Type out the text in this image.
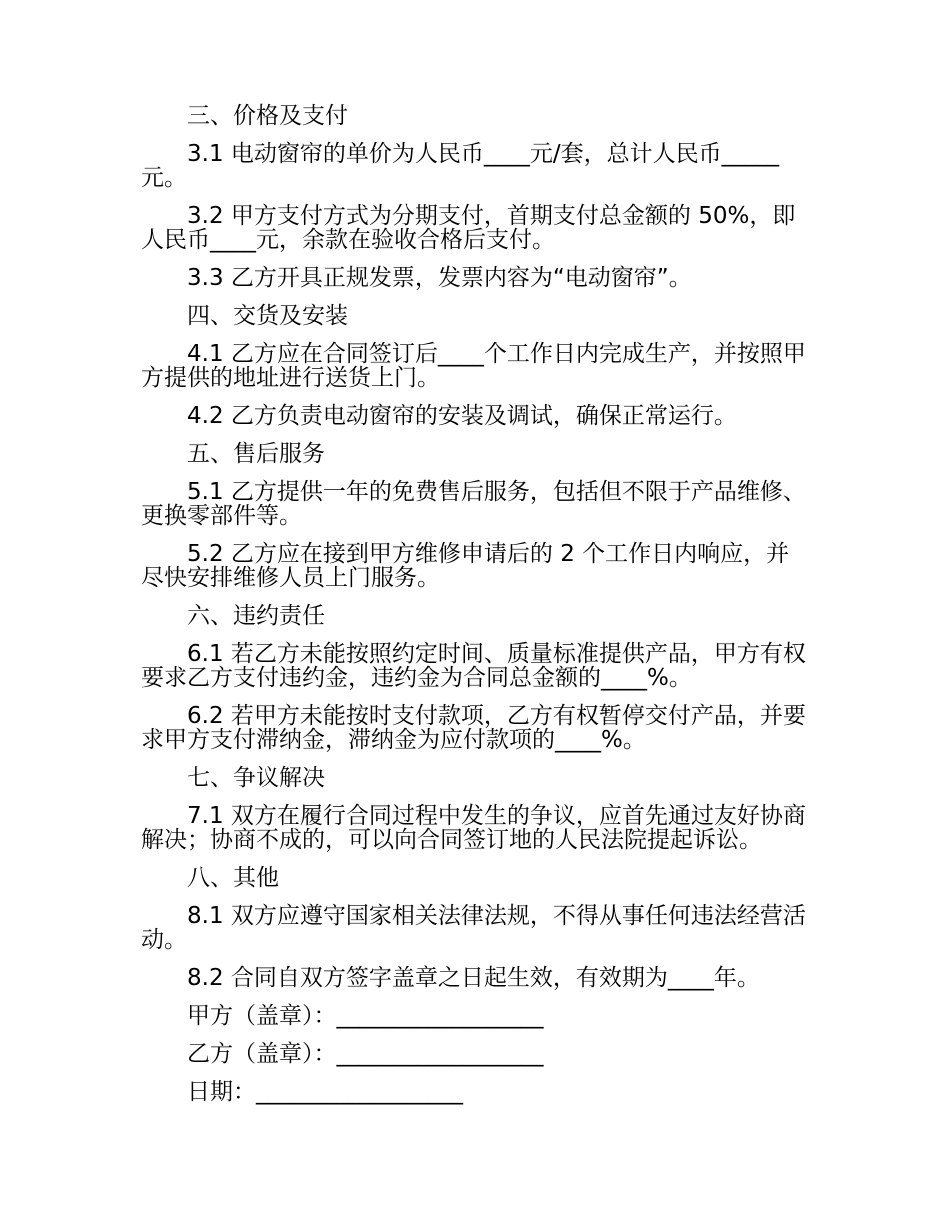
三、价格及支付

3.1 电动窗帘的单价为人民币____元/套，总计人民币_____元。

3.2 甲方支付方式为分期支付，首期支付总金额的 50%，即人民币____元，余款在验收合格后支付。

3.3 乙方开具正规发票，发票内容为“电动窗帘”。

四、交货及安装

4.1 乙方应在合同签订后____个工作日内完成生产，并按照甲方提供的地址进行送货上门。

4.2 乙方负责电动窗帘的安装及调试，确保正常运行。

五、售后服务

5.1 乙方提供一年的免费售后服务，包括但不限于产品维修、更换零部件等。

5.2 乙方应在接到甲方维修申请后的 2 个工作日内响应，并尽快安排维修人员上门服务。

六、违约责任

6.1 若乙方未能按照约定时间、质量标准提供产品，甲方有权要求乙方支付违约金，违约金为合同总金额的____%。

6.2 若甲方未能按时支付款项，乙方有权暂停交付产品，并要求甲方支付滞纳金，滞纳金为应付款项的____%。

七、争议解决

7.1 双方在履行合同过程中发生的争议，应首先通过友好协商解决；协商不成的，可以向合同签订地的人民法院提起诉讼。

八、其他

8.1 双方应遵守国家相关法律法规，不得从事任何违法经营活动。

8.2 合同自双方签字盖章之日起生效，有效期为____年。

甲方（盖章）：__________________

乙方（盖章）：__________________

日期：__________________
